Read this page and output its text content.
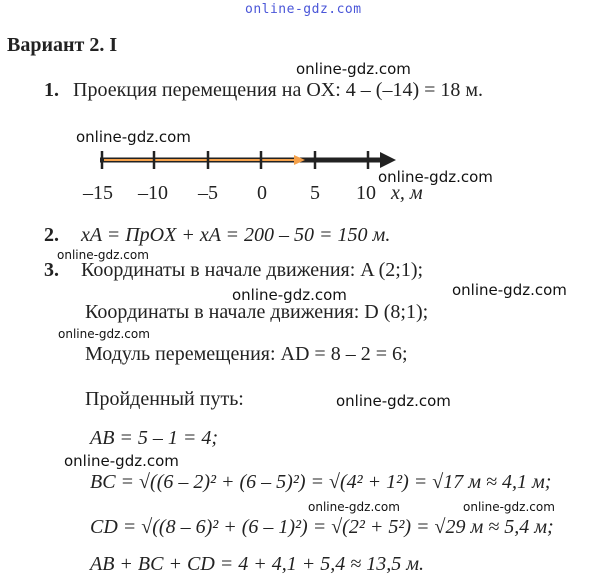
online-gdz.com
Вариант 2. І
online-gdz.com
1. Проекция перемещения на OX: 4 – (–14) = 18 м.
online-gdz.com
online-gdz.com
–15 –10 –5 0 5 10 x, м
2. xA = ПрOX + xA = 200 – 50 = 150 м.
online-gdz.com
3. Координаты в начале движения: A (2;1);
online-gdz.com	online-gdz.com
Координаты в начале движения: D (8;1);
online-gdz.com
Модуль перемещения: AD = 8 – 2 = 6;
Пройденный путь:	online-gdz.com
AB = 5 – 1 = 4;
online-gdz.com
BC = √((6 – 2)² + (6 – 5)²) = √(4² + 1²) = √17 м ≈ 4,1 м;
online-gdz.com	online-gdz.com
CD = √((8 – 6)² + (6 – 1)²) = √(2² + 5²) = √29 м ≈ 5,4 м;
AB + BC + CD = 4 + 4,1 + 5,4 ≈ 13,5 м.
